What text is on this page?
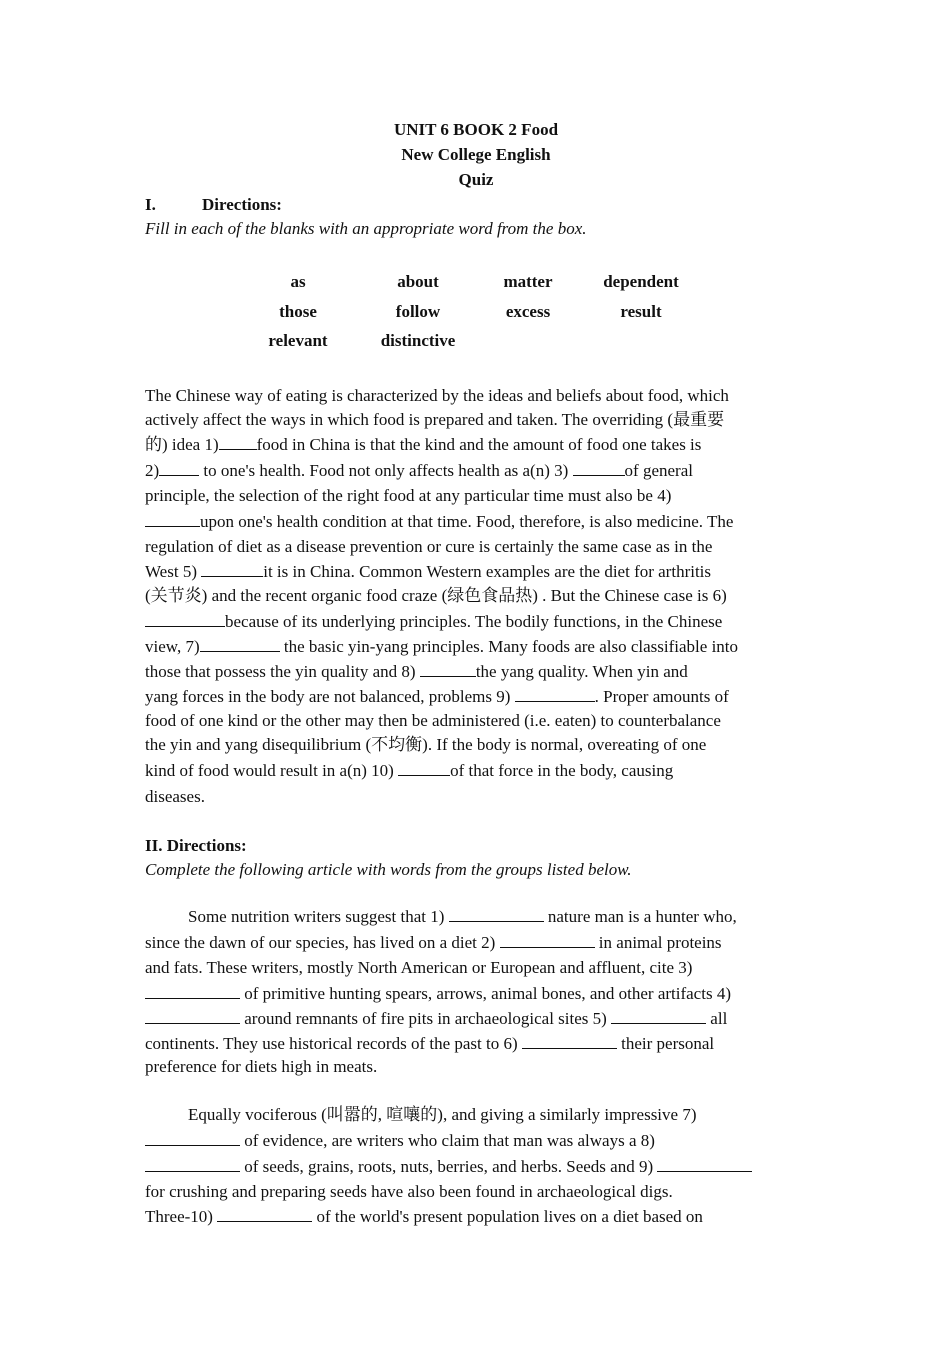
UNIT 6 BOOK 2 Food
New College English
Quiz
I.	Directions:
Fill in each of the blanks with an appropriate word from the box.
as	about	matter	dependent
those	follow	excess	result
relevant	distinctive
The Chinese way of eating is characterized by the ideas and beliefs about food, which
actively affect the ways in which food is prepared and taken. The overriding (最重要
的) idea 1) food in China is that the kind and the amount of food one takes is
2) to one's health. Food not only affects health as a(n) 3)	of general
principle, the selection of the right food at any particular time must also be 4)
upon one's health condition at that time. Food, therefore, is also medicine. The
regulation of diet as a disease prevention or cure is certainly the same case as in the
West 5)	it is in China. Common Western examples are the diet for arthritis
(关节炎) and the recent organic food craze (绿色食品热) . But the Chinese case is 6)
because of its underlying principles. The bodily functions, in the Chinese
view, 7)	the basic yin-yang principles. Many foods are also classifiable into
those that possess the yin quality and 8)	the yang quality. When yin and
yang forces in the body are not balanced, problems 9)	. Proper amounts of
food of one kind or the other may then be administered (i.e. eaten) to counterbalance
the yin and yang disequilibrium (不均衡). If the body is normal, overeating of one
kind of food would result in a(n) 10)	of that force in the body, causing
diseases.
II. Directions:
Complete the following article with words from the groups listed below.
Some nutrition writers suggest that 1)	nature man is a hunter who,
since the dawn of our species, has lived on a diet 2)	in animal proteins
and fats. These writers, mostly North American or European and affluent, cite 3)
of primitive hunting spears, arrows, animal bones, and other artifacts 4)
around remnants of fire pits in archaeological sites 5)	all
continents. They use historical records of the past to 6)	their personal
preference for diets high in meats.
Equally vociferous (叫嚣的, 喧嚷的), and giving a similarly impressive 7)
of evidence, are writers who claim that man was always a 8)
of seeds, grains, roots, nuts, berries, and herbs. Seeds and 9)
for crushing and preparing seeds have also been found in archaeological digs.
Three-10)	of the world's present population lives on a diet based on
